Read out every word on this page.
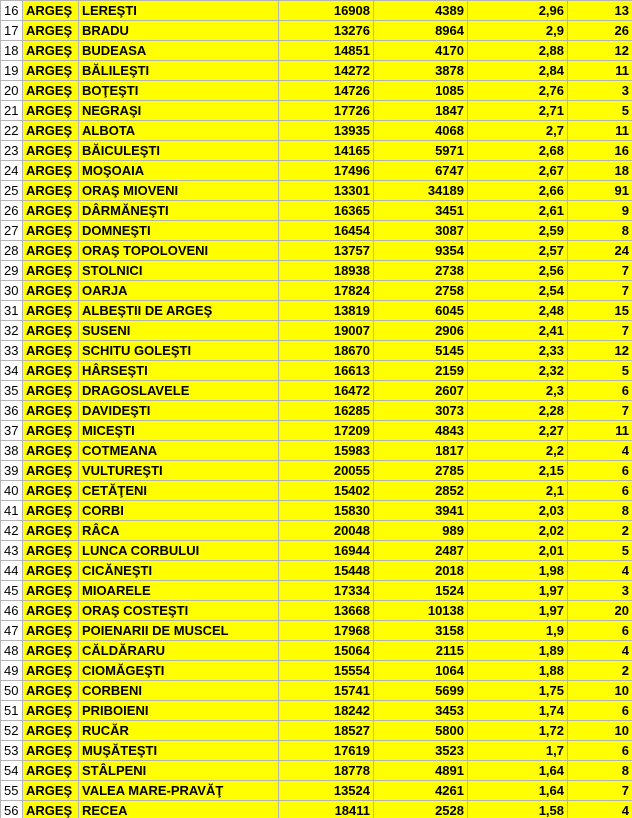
16	ARGEŞ	LEREŞTI	16908	4389	2,96	13
17	ARGEŞ	BRADU	13276	8964	2,9	26
18	ARGEŞ	BUDEASA	14851	4170	2,88	12
19	ARGEŞ	BĂLILEŞTI	14272	3878	2,84	11
20	ARGEŞ	BOŢEŞTI	14726	1085	2,76	3
21	ARGEŞ	NEGRAŞI	17726	1847	2,71	5
22	ARGEŞ	ALBOTA	13935	4068	2,7	11
23	ARGEŞ	BĂICULEŞTI	14165	5971	2,68	16
24	ARGEŞ	MOŞOAIA	17496	6747	2,67	18
25	ARGEŞ	ORAŞ MIOVENI	13301	34189	2,66	91
26	ARGEŞ	DÂRMĂNEŞTI	16365	3451	2,61	9
27	ARGEŞ	DOMNEŞTI	16454	3087	2,59	8
28	ARGEŞ	ORAŞ TOPOLOVENI	13757	9354	2,57	24
29	ARGEŞ	STOLNICI	18938	2738	2,56	7
30	ARGEŞ	OARJA	17824	2758	2,54	7
31	ARGEŞ	ALBEŞTII DE ARGEŞ	13819	6045	2,48	15
32	ARGEŞ	SUSENI	19007	2906	2,41	7
33	ARGEŞ	SCHITU GOLEŞTI	18670	5145	2,33	12
34	ARGEŞ	HÂRSEŞTI	16613	2159	2,32	5
35	ARGEŞ	DRAGOSLAVELE	16472	2607	2,3	6
36	ARGEŞ	DAVIDEŞTI	16285	3073	2,28	7
37	ARGEŞ	MICEŞTI	17209	4843	2,27	11
38	ARGEŞ	COTMEANA	15983	1817	2,2	4
39	ARGEŞ	VULTUREŞTI	20055	2785	2,15	6
40	ARGEŞ	CETĂŢENI	15402	2852	2,1	6
41	ARGEŞ	CORBI	15830	3941	2,03	8
42	ARGEŞ	RÂCA	20048	989	2,02	2
43	ARGEŞ	LUNCA CORBULUI	16944	2487	2,01	5
44	ARGEŞ	CICĂNEŞTI	15448	2018	1,98	4
45	ARGEŞ	MIOARELE	17334	1524	1,97	3
46	ARGEŞ	ORAŞ COSTEŞTI	13668	10138	1,97	20
47	ARGEŞ	POIENARII DE MUSCEL	17968	3158	1,9	6
48	ARGEŞ	CĂLDĂRARU	15064	2115	1,89	4
49	ARGEŞ	CIOMĂGEŞTI	15554	1064	1,88	2
50	ARGEŞ	CORBENI	15741	5699	1,75	10
51	ARGEŞ	PRIBOIENI	18242	3453	1,74	6
52	ARGEŞ	RUCĂR	18527	5800	1,72	10
53	ARGEŞ	MUŞĂTEŞTI	17619	3523	1,7	6
54	ARGEŞ	STÂLPENI	18778	4891	1,64	8
55	ARGEŞ	VALEA MARE-PRAVĂŢ	13524	4261	1,64	7
56	ARGEŞ	RECEA	18411	2528	1,58	4
